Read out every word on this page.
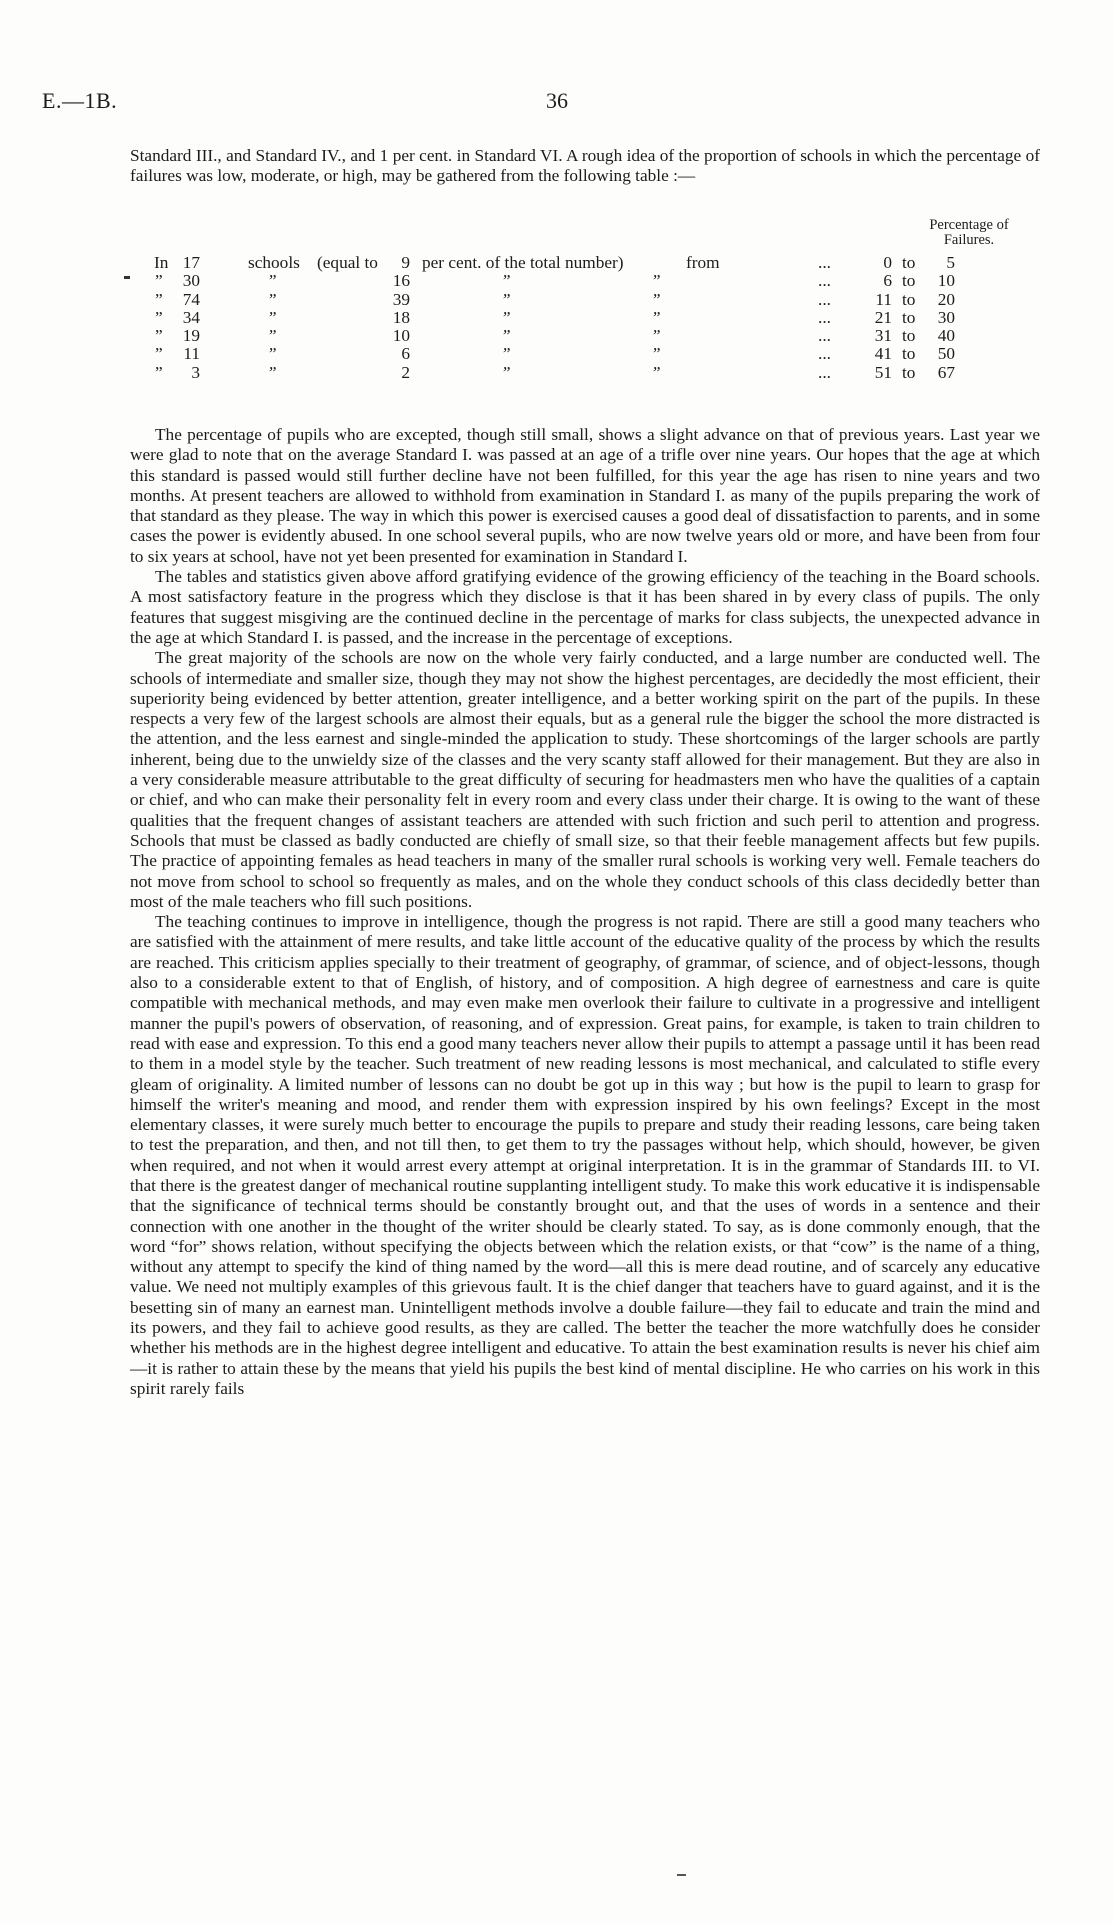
E.—1B.	36

Standard III., and Standard IV., and 1 per cent. in Standard VI. A rough idea of the proportion of schools in which the percentage of failures was low, moderate, or high, may be gathered from the following table :—

Percentage of
Failures.
In 17	schools (equal to	9 per cent. of the total number)	from	...	0 to	5
”	30	”	16	”	”	...	6 to	10
”	74	”	39	”	”	...	11 to	20
”	34	”	18	”	”	...	21 to	30
”	19	”	10	”	”	...	31 to	40
”	11	”	6	”	”	...	41 to	50
”	3	”	2	”	”	...	51 to	67

The percentage of pupils who are excepted, though still small, shows a slight advance on that of previous years. Last year we were glad to note that on the average Standard I. was passed at an age of a trifle over nine years. Our hopes that the age at which this standard is passed would still further decline have not been fulfilled, for this year the age has risen to nine years and two months. At present teachers are allowed to withhold from examination in Standard I. as many of the pupils preparing the work of that standard as they please. The way in which this power is exercised causes a good deal of dissatisfaction to parents, and in some cases the power is evidently abused. In one school several pupils, who are now twelve years old or more, and have been from four to six years at school, have not yet been presented for examination in Standard I.

The tables and statistics given above afford gratifying evidence of the growing efficiency of the teaching in the Board schools. A most satisfactory feature in the progress which they disclose is that it has been shared in by every class of pupils. The only features that suggest misgiving are the continued decline in the percentage of marks for class subjects, the unexpected advance in the age at which Standard I. is passed, and the increase in the percentage of exceptions.

The great majority of the schools are now on the whole very fairly conducted, and a large number are conducted well. The schools of intermediate and smaller size, though they may not show the highest percentages, are decidedly the most efficient, their superiority being evidenced by better attention, greater intelligence, and a better working spirit on the part of the pupils. In these respects a very few of the largest schools are almost their equals, but as a general rule the bigger the school the more distracted is the attention, and the less earnest and single-minded the application to study. These shortcomings of the larger schools are partly inherent, being due to the unwieldy size of the classes and the very scanty staff allowed for their management. But they are also in a very considerable measure attributable to the great difficulty of securing for headmasters men who have the qualities of a captain or chief, and who can make their personality felt in every room and every class under their charge. It is owing to the want of these qualities that the frequent changes of assistant teachers are attended with such friction and such peril to attention and progress. Schools that must be classed as badly conducted are chiefly of small size, so that their feeble management affects but few pupils. The practice of appointing females as head teachers in many of the smaller rural schools is working very well. Female teachers do not move from school to school so frequently as males, and on the whole they conduct schools of this class decidedly better than most of the male teachers who fill such positions.

The teaching continues to improve in intelligence, though the progress is not rapid. There are still a good many teachers who are satisfied with the attainment of mere results, and take little account of the educative quality of the process by which the results are reached. This criticism applies specially to their treatment of geography, of grammar, of science, and of object-lessons, though also to a considerable extent to that of English, of history, and of composition. A high degree of earnestness and care is quite compatible with mechanical methods, and may even make men overlook their failure to cultivate in a progressive and intelligent manner the pupil's powers of observation, of reasoning, and of expression. Great pains, for example, is taken to train children to read with ease and expression. To this end a good many teachers never allow their pupils to attempt a passage until it has been read to them in a model style by the teacher. Such treatment of new reading lessons is most mechanical, and calculated to stifle every gleam of originality. A limited number of lessons can no doubt be got up in this way ; but how is the pupil to learn to grasp for himself the writer's meaning and mood, and render them with expression inspired by his own feelings? Except in the most elementary classes, it were surely much better to encourage the pupils to prepare and study their reading lessons, care being taken to test the preparation, and then, and not till then, to get them to try the passages without help, which should, however, be given when required, and not when it would arrest every attempt at original interpretation. It is in the grammar of Standards III. to VI. that there is the greatest danger of mechanical routine supplanting intelligent study. To make this work educative it is indispensable that the significance of technical terms should be constantly brought out, and that the uses of words in a sentence and their connection with one another in the thought of the writer should be clearly stated. To say, as is done commonly enough, that the word “for” shows relation, without specifying the objects between which the relation exists, or that “cow” is the name of a thing, without any attempt to specify the kind of thing named by the word—all this is mere dead routine, and of scarcely any educative value. We need not multiply examples of this grievous fault. It is the chief danger that teachers have to guard against, and it is the besetting sin of many an earnest man. Unintelligent methods involve a double failure—they fail to educate and train the mind and its powers, and they fail to achieve good results, as they are called. The better the teacher the more watchfully does he consider whether his methods are in the highest degree intelligent and educative. To attain the best examination results is never his chief aim—it is rather to attain these by the means that yield his pupils the best kind of mental discipline. He who carries on his work in this spirit rarely fails
